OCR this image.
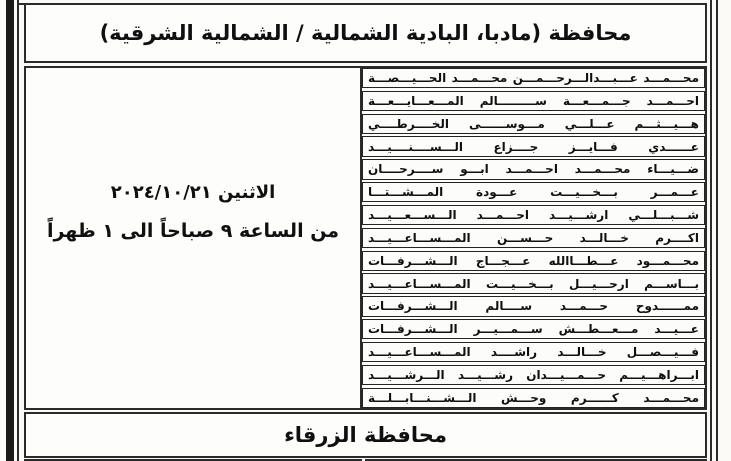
محافظة (مادبا، البادية الشمالية / الشمالية الشرقية)
محـــمـــد عـــبـــدالـــرحـــمـــن محـــمـــد الحـــيـــصـــة
احـــمـــد جـــمـــعـــة ســـــــــالم المـــعـــايـــعـــة
هـــيـــثـــم عـــلـــي مـــوســــــى الخــــرطــــي
عــــــدي فـــايـــز جــــزاع الـــســــنــــيـــد
ضـــيـــاء محـــمـــد احـــمـــد ابـــو ســــرحــــان
عـــمـــر بـــخـــيـــت عـــودة المـــشـــتـــا
شـــبـــلـــي ارشـــيـــد احـــمـــد الـــســـعـــيـــد
اكــــرم خـــالـــد حـــســـن المـــســـاعـــيـــد
محـــمـــود عـــطـــاالله عـــجـــاج الـــشـــرفـــات
بـــاســـم ارحـــيـــل بـــخـــيـــت المـــســـاعـــيـــد
ممــــــدوح حـــمـــد ســــالم الـــشـــرفـــات
عـــيـــد مـــعـــطـــش ســـمـــيـــر الـــشـــرفـــات
فـــيـــصـــل خـــالـــد راشــــد المـــســـاعـــيـــد
ابـــراهـــيـــم حـــمـــيـــدان رشـــيـــد الـــرشـــيـــد
محـــمـــد كــــــرم وحـــش الـــشـــنـــابـــلـــة
الاثنين ٢٠٢٤/١٠/٢١
من الساعة ٩ صباحاً الى ١ ظهراً
محافظة الزرقاء
